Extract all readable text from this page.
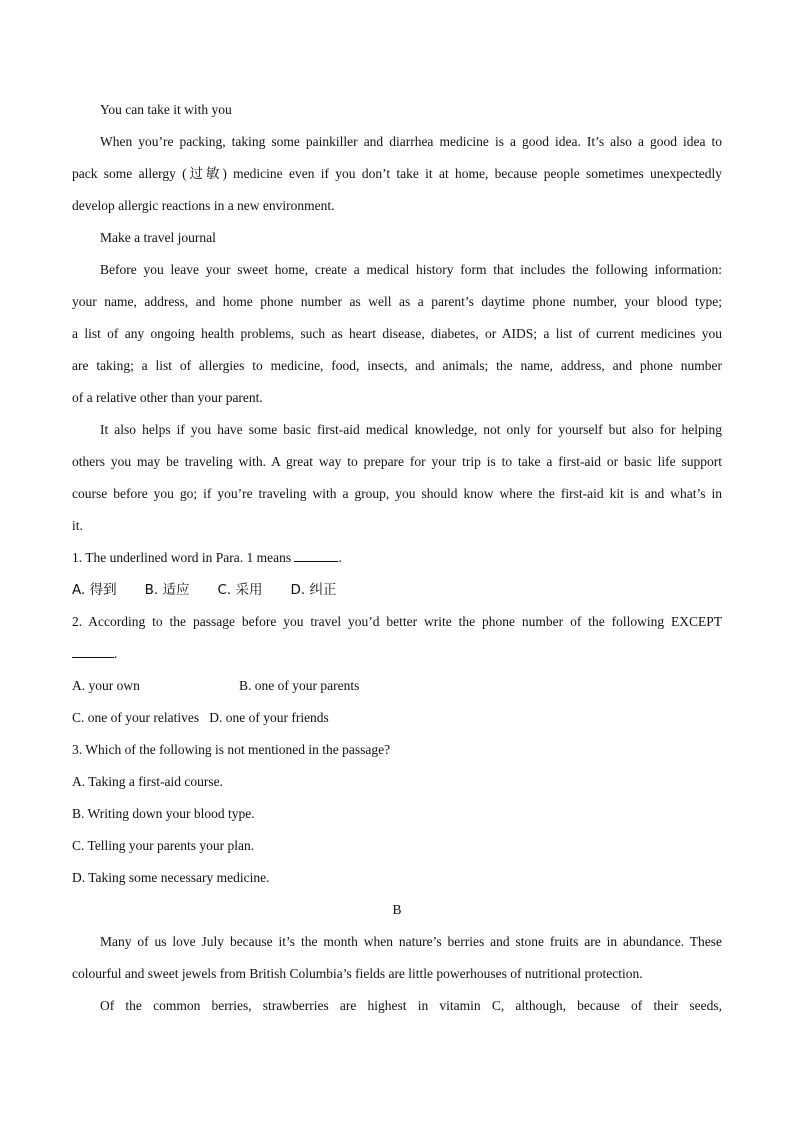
You can take it with you
When you’re packing, taking some painkiller and diarrhea medicine is a good idea. It’s also a good idea to
pack some allergy (过敏) medicine even if you don’t take it at home, because people sometimes unexpectedly
develop allergic reactions in a new environment.
Make a travel journal
Before you leave your sweet home, create a medical history form that includes the following information:
your name, address, and home phone number as well as a parent’s daytime phone number, your blood type;
a list of any ongoing health problems, such as heart disease, diabetes, or AIDS; a list of current medicines you
are taking; a list of allergies to medicine, food, insects, and animals; the name, address, and phone number
of a relative other than your parent.
It also helps if you have some basic first-aid medical knowledge, not only for yourself but also for helping
others you may be traveling with. A great way to prepare for your trip is to take a first-aid or basic life support
course before you go; if you’re traveling with a group, you should know where the first-aid kit is and what’s in
it.
1. The underlined word in Para. 1 means	.
A. 得到 B. 适应 C. 采用 D. 纠正
2. According to the passage before you travel you’d better write the phone number of the following EXCEPT
.
A. your own	B. one of your parents
C. one of your relatives D. one of your friends
3. Which of the following is not mentioned in the passage?
A. Taking a first-aid course.
B. Writing down your blood type.
C. Telling your parents your plan.
D. Taking some necessary medicine.
B
Many of us love July because it’s the month when nature’s berries and stone fruits are in abundance. These
colourful and sweet jewels from British Columbia’s fields are little powerhouses of nutritional protection.
Of the common berries, strawberries are highest in vitamin C, although, because of their seeds,
